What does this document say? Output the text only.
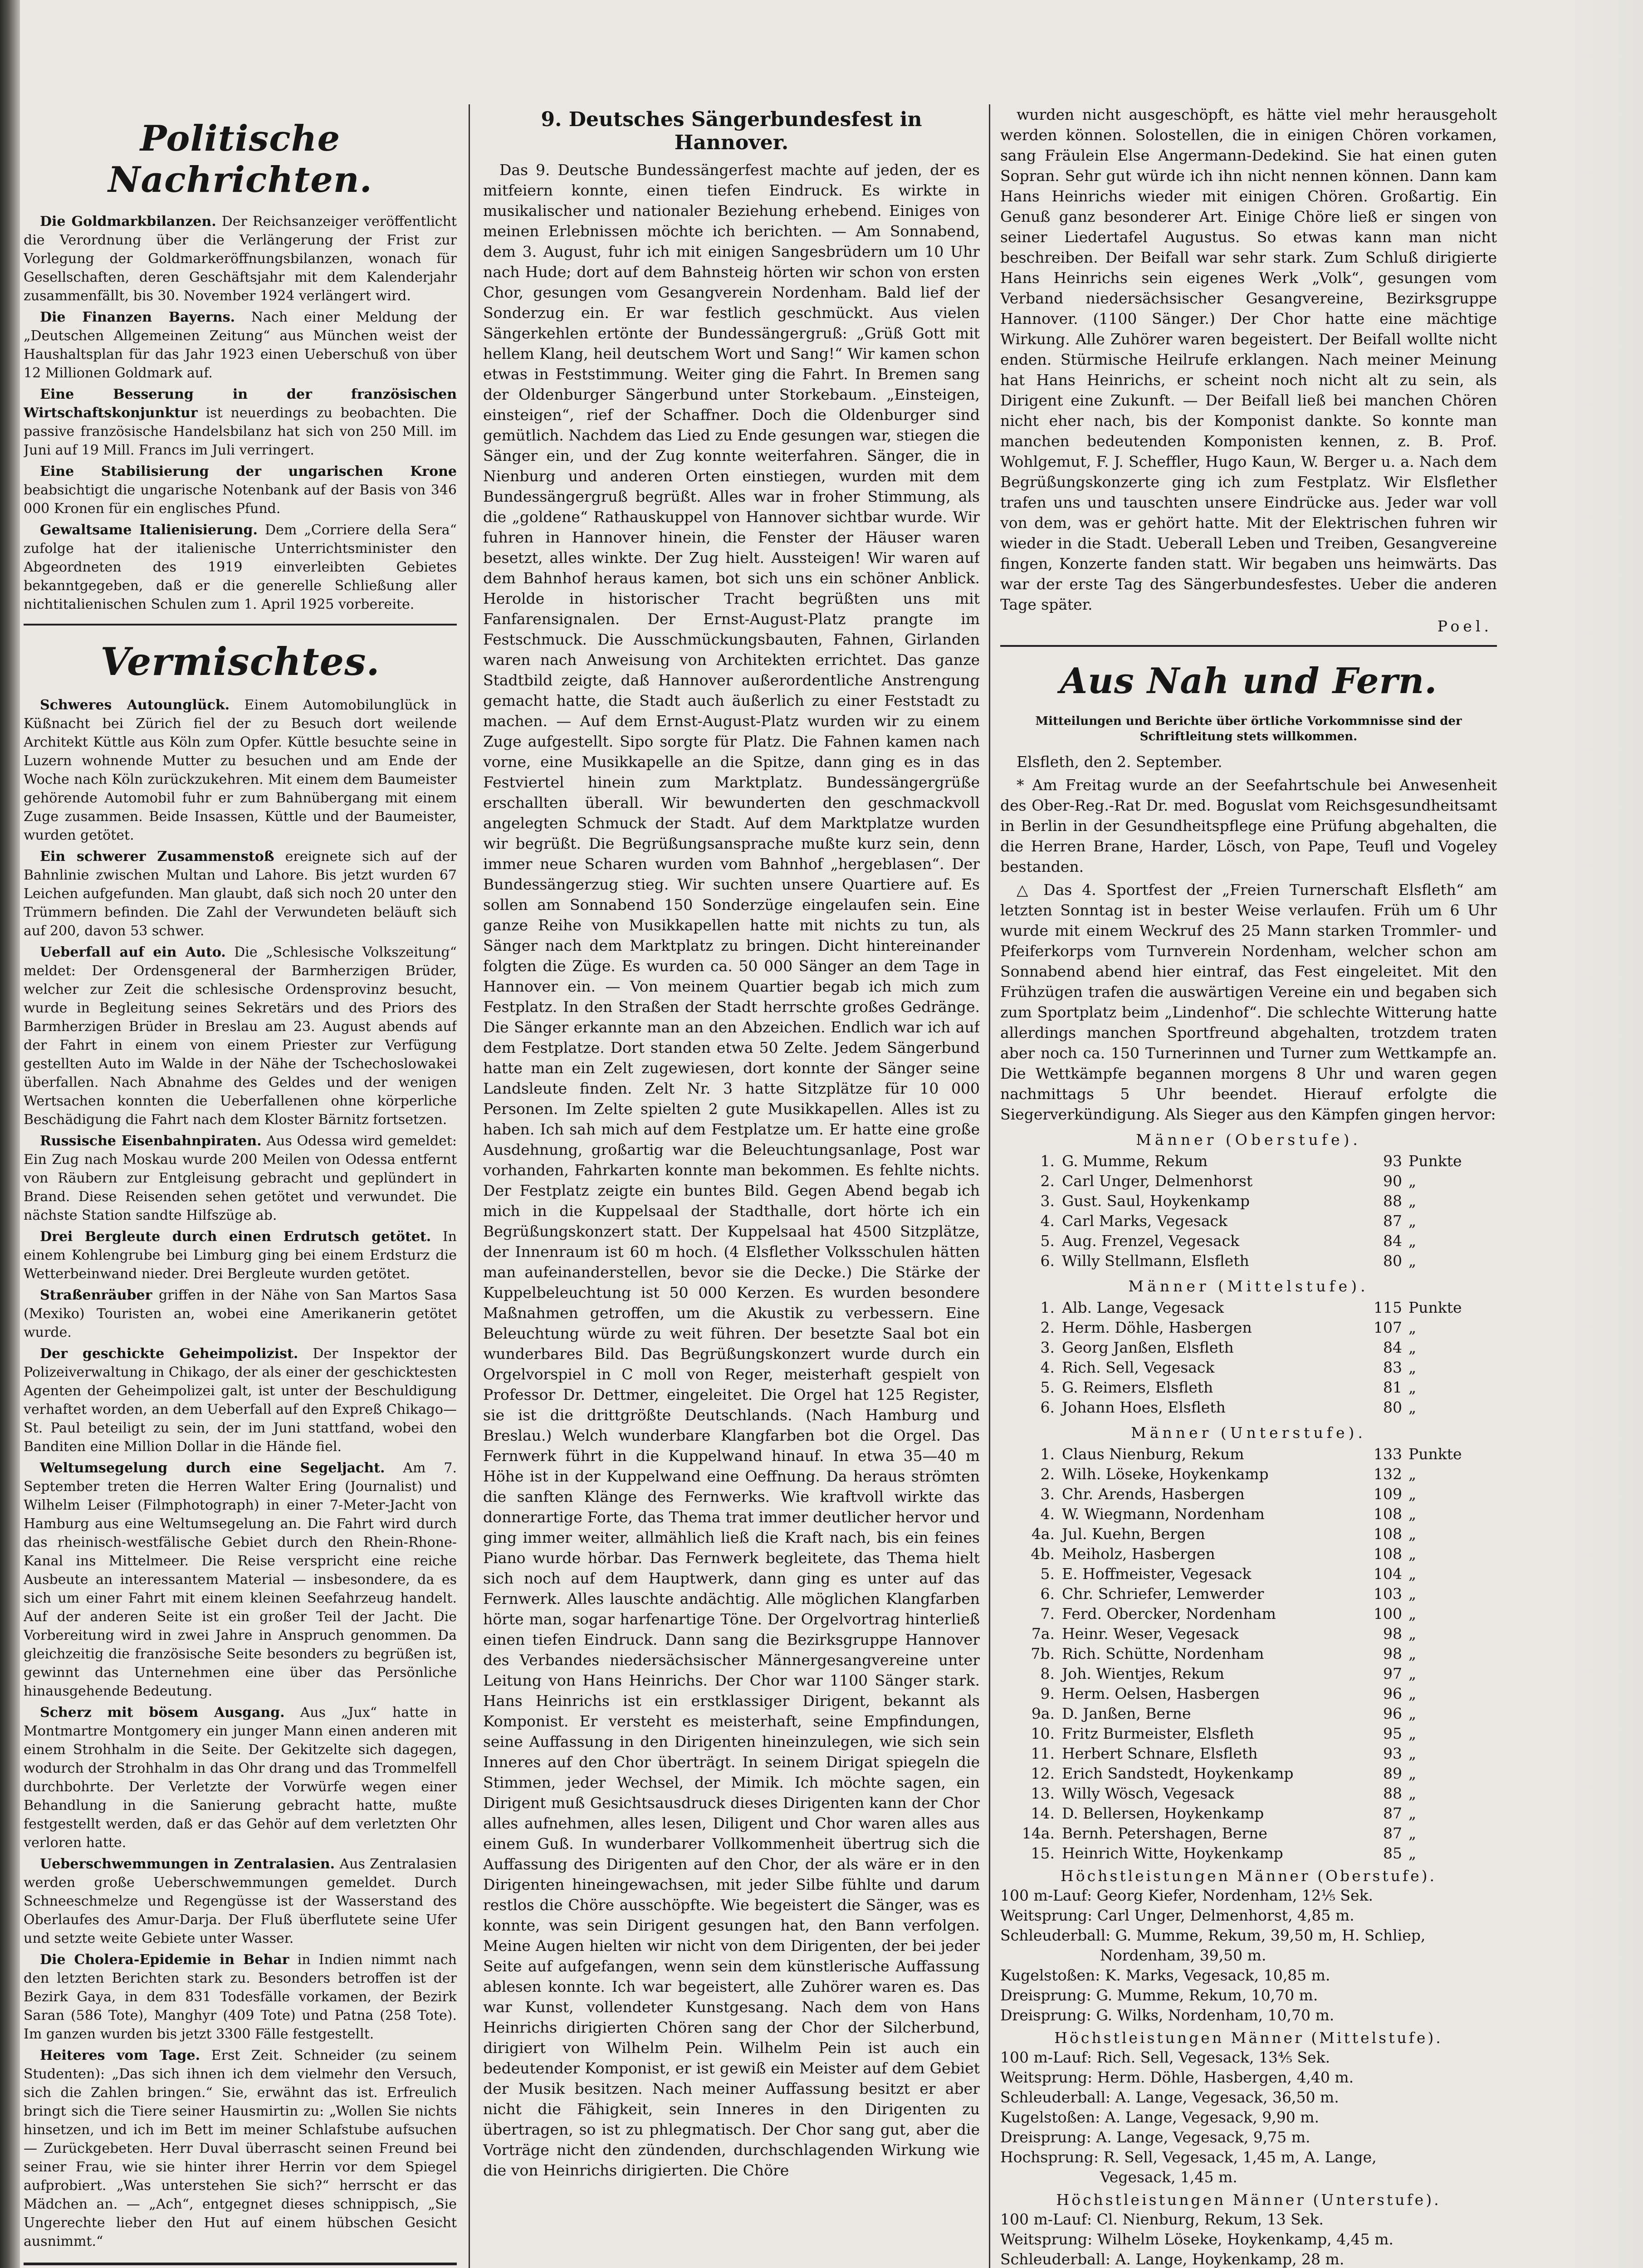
Politische Nachrichten.

Die Goldmarkbilanzen. Der Reichsanzeiger veröffentlicht die Verordnung über die Verlängerung der Frist zur Vorlegung der Goldmarkeröffnungsbilanzen, wonach für Gesellschaften, deren Geschäftsjahr mit dem Kalenderjahr zusammenfällt, bis 30. November 1924 verlängert wird.

Die Finanzen Bayerns. Nach einer Meldung der „Deutschen Allgemeinen Zeitung“ aus München weist der Haushaltsplan für das Jahr 1923 einen Ueberschuß von über 12 Millionen Goldmark auf.

Eine Besserung in der französischen Wirtschaftskonjunktur ist neuerdings zu beobachten. Die passive französische Handelsbilanz hat sich von 250 Mill. im Juni auf 19 Mill. Francs im Juli verringert.

Eine Stabilisierung der ungarischen Krone beabsichtigt die ungarische Notenbank auf der Basis von 346 000 Kronen für ein englisches Pfund.

Gewaltsame Italienisierung. Dem „Corriere della Sera“ zufolge hat der italienische Unterrichtsminister den Abgeordneten des 1919 einverleibten Gebietes bekanntgegeben, daß er die generelle Schließung aller nichtitalienischen Schulen zum 1. April 1925 vorbereite.

Vermischtes.

Schweres Autounglück. Einem Automobilunglück in Küßnacht bei Zürich fiel der zu Besuch dort weilende Architekt Küttle aus Köln zum Opfer. Küttle besuchte seine in Luzern wohnende Mutter zu besuchen und am Ende der Woche nach Köln zurückzukehren. Mit einem dem Baumeister gehörende Automobil fuhr er zum Bahnübergang mit einem Zuge zusammen. Beide Insassen, Küttle und der Baumeister, wurden getötet.

Ein schwerer Zusammenstoß ereignete sich auf der Bahnlinie zwischen Multan und Lahore. Bis jetzt wurden 67 Leichen aufgefunden. Man glaubt, daß sich noch 20 unter den Trümmern befinden. Die Zahl der Verwundeten beläuft sich auf 200, davon 53 schwer.

Ueberfall auf ein Auto. Die „Schlesische Volkszeitung“ meldet: Der Ordensgeneral der Barmherzigen Brüder, welcher zur Zeit die schlesische Ordensprovinz besucht, wurde in Begleitung seines Sekretärs und des Priors des Barmherzigen Brüder in Breslau am 23. August abends auf der Fahrt in einem von einem Priester zur Verfügung gestellten Auto im Walde in der Nähe der Tschechoslowakei überfallen. Nach Abnahme des Geldes und der wenigen Wertsachen konnten die Ueberfallenen ohne körperliche Beschädigung die Fahrt nach dem Kloster Bärnitz fortsetzen.

Russische Eisenbahnpiraten. Aus Odessa wird gemeldet: Ein Zug nach Moskau wurde 200 Meilen von Odessa entfernt von Räubern zur Entgleisung gebracht und geplündert in Brand. Diese Reisenden sehen getötet und verwundet. Die nächste Station sandte Hilfszüge ab.

Drei Bergleute durch einen Erdrutsch getötet. In einem Kohlengrube bei Limburg ging bei einem Erdsturz die Wetterbeinwand nieder. Drei Bergleute wurden getötet.

Straßenräuber griffen in der Nähe von San Martos Sasa (Mexiko) Touristen an, wobei eine Amerikanerin getötet wurde.

Der geschickte Geheimpolizist. Der Inspektor der Polizeiverwaltung in Chikago, der als einer der geschicktesten Agenten der Geheimpolizei galt, ist unter der Beschuldigung verhaftet worden, an dem Ueberfall auf den Expreß Chikago—St. Paul beteiligt zu sein, der im Juni stattfand, wobei den Banditen eine Million Dollar in die Hände fiel.

Weltumsegelung durch eine Segeljacht. Am 7. September treten die Herren Walter Ering (Journalist) und Wilhelm Leiser (Filmphotograph) in einer 7-Meter-Jacht von Hamburg aus eine Weltumsegelung an. Die Fahrt wird durch das rheinisch-westfälische Gebiet durch den Rhein-Rhone-Kanal ins Mittelmeer. Die Reise verspricht eine reiche Ausbeute an interessantem Material — insbesondere, da es sich um einer Fahrt mit einem kleinen Seefahrzeug handelt. Auf der anderen Seite ist ein großer Teil der Jacht. Die Vorbereitung wird in zwei Jahre in Anspruch genommen. Da gleichzeitig die französische Seite besonders zu begrüßen ist, gewinnt das Unternehmen eine über das Persönliche hinausgehende Bedeutung.

Scherz mit bösem Ausgang. Aus „Jux“ hatte in Montmartre Montgomery ein junger Mann einen anderen mit einem Strohhalm in die Seite. Der Gekitzelte sich dagegen, wodurch der Strohhalm in das Ohr drang und das Trommelfell durchbohrte. Der Verletzte der Vorwürfe wegen einer Behandlung in die Sanierung gebracht hatte, mußte festgestellt werden, daß er das Gehör auf dem verletzten Ohr verloren hatte.

Ueberschwemmungen in Zentralasien. Aus Zentralasien werden große Ueberschwemmungen gemeldet. Durch Schneeschmelze und Regengüsse ist der Wasserstand des Oberlaufes des Amur-Darja. Der Fluß überflutete seine Ufer und setzte weite Gebiete unter Wasser.

Die Cholera-Epidemie in Behar in Indien nimmt nach den letzten Berichten stark zu. Besonders betroffen ist der Bezirk Gaya, in dem 831 Todesfälle vorkamen, der Bezirk Saran (586 Tote), Manghyr (409 Tote) und Patna (258 Tote). Im ganzen wurden bis jetzt 3300 Fälle festgestellt.

Heiteres vom Tage. Erst Zeit. Schneider (zu seinem Studenten): „Das sich ihnen ich dem vielmehr den Versuch, sich die Zahlen bringen.“ Sie, erwähnt das ist. Erfreulich bringt sich die Tiere seiner Hausmirtin zu: „Wollen Sie nichts hinsetzen, und ich im Bett im meiner Schlafstube aufsuchen — Zurückgebeten. Herr Duval überrascht seinen Freund bei seiner Frau, wie sie hinter ihrer Herrin vor dem Spiegel aufprobiert. „Was unterstehen Sie sich?“ herrscht er das Mädchen an. — „Ach“, entgegnet dieses schnippisch, „Sie Ungerechte lieber den Hut auf einem hübschen Gesicht ausnimmt.“

9. Deutsches Sängerbundesfest in Hannover.

Das 9. Deutsche Bundessängerfest machte auf jeden, der es mitfeiern konnte, einen tiefen Eindruck. Es wirkte in musikalischer und nationaler Beziehung erhebend. Einiges von meinen Erlebnissen möchte ich berichten. — Am Sonnabend, dem 3. August, fuhr ich mit einigen Sangesbrüdern um 10 Uhr nach Hude; dort auf dem Bahnsteig hörten wir schon von ersten Chor, gesungen vom Gesangverein Nordenham. Bald lief der Sonderzug ein. Er war festlich geschmückt. Aus vielen Sängerkehlen ertönte der Bundessängergruß: „Grüß Gott mit hellem Klang, heil deutschem Wort und Sang!“ Wir kamen schon etwas in Feststimmung. Weiter ging die Fahrt. In Bremen sang der Oldenburger Sängerbund unter Storkebaum. „Einsteigen, einsteigen“, rief der Schaffner. Doch die Oldenburger sind gemütlich. Nachdem das Lied zu Ende gesungen war, stiegen die Sänger ein, und der Zug konnte weiterfahren. Sänger, die in Nienburg und anderen Orten einstiegen, wurden mit dem Bundessängergruß begrüßt. Alles war in froher Stimmung, als die „goldene“ Rathauskuppel von Hannover sichtbar wurde. Wir fuhren in Hannover hinein, die Fenster der Häuser waren besetzt, alles winkte. Der Zug hielt. Aussteigen! Wir waren auf dem Bahnhof heraus kamen, bot sich uns ein schöner Anblick. Herolde in historischer Tracht begrüßten uns mit Fanfarensignalen. Der Ernst-August-Platz prangte im Festschmuck. Die Ausschmückungsbauten, Fahnen, Girlanden waren nach Anweisung von Architekten errichtet. Das ganze Stadtbild zeigte, daß Hannover außerordentliche Anstrengung gemacht hatte, die Stadt auch äußerlich zu einer Feststadt zu machen. — Auf dem Ernst-August-Platz wurden wir zu einem Zuge aufgestellt. Sipo sorgte für Platz. Die Fahnen kamen nach vorne, eine Musikkapelle an die Spitze, dann ging es in das Festviertel hinein zum Marktplatz. Bundessängergrüße erschallten überall. Wir bewunderten den geschmackvoll angelegten Schmuck der Stadt. Auf dem Marktplatze wurden wir begrüßt. Die Begrüßungsansprache mußte kurz sein, denn immer neue Scharen wurden vom Bahnhof „hergeblasen“. Der Bundessängerzug stieg. Wir suchten unsere Quartiere auf. Es sollen am Sonnabend 150 Sonderzüge eingelaufen sein. Eine ganze Reihe von Musikkapellen hatte mit nichts zu tun, als Sänger nach dem Marktplatz zu bringen. Dicht hintereinander folgten die Züge. Es wurden ca. 50 000 Sänger an dem Tage in Hannover ein. — Von meinem Quartier begab ich mich zum Festplatz. In den Straßen der Stadt herrschte großes Gedränge. Die Sänger erkannte man an den Abzeichen. Endlich war ich auf dem Festplatze. Dort standen etwa 50 Zelte. Jedem Sängerbund hatte man ein Zelt zugewiesen, dort konnte der Sänger seine Landsleute finden. Zelt Nr. 3 hatte Sitzplätze für 10 000 Personen. Im Zelte spielten 2 gute Musikkapellen. Alles ist zu haben. Ich sah mich auf dem Festplatze um. Er hatte eine große Ausdehnung, großartig war die Beleuchtungsanlage, Post war vorhanden, Fahrkarten konnte man bekommen. Es fehlte nichts. Der Festplatz zeigte ein buntes Bild. Gegen Abend begab ich mich in die Kuppelsaal der Stadthalle, dort hörte ich ein Begrüßungskonzert statt. Der Kuppelsaal hat 4500 Sitzplätze, der Innenraum ist 60 m hoch. (4 Elsflether Volksschulen hätten man aufeinanderstellen, bevor sie die Decke.) Die Stärke der Kuppelbeleuchtung ist 50 000 Kerzen. Es wurden besondere Maßnahmen getroffen, um die Akustik zu verbessern. Eine Beleuchtung würde zu weit führen. Der besetzte Saal bot ein wunderbares Bild. Das Begrüßungskonzert wurde durch ein Orgelvorspiel in C moll von Reger, meisterhaft gespielt von Professor Dr. Dettmer, eingeleitet. Die Orgel hat 125 Register, sie ist die drittgrößte Deutschlands. (Nach Hamburg und Breslau.) Welch wunderbare Klangfarben bot die Orgel. Das Fernwerk führt in die Kuppelwand hinauf. In etwa 35—40 m Höhe ist in der Kuppelwand eine Oeffnung. Da heraus strömten die sanften Klänge des Fernwerks. Wie kraftvoll wirkte das donnerartige Forte, das Thema trat immer deutlicher hervor und ging immer weiter, allmählich ließ die Kraft nach, bis ein feines Piano wurde hörbar. Das Fernwerk begleitete, das Thema hielt sich noch auf dem Hauptwerk, dann ging es unter auf das Fernwerk. Alles lauschte andächtig. Alle möglichen Klangfarben hörte man, sogar harfenartige Töne. Der Orgelvortrag hinterließ einen tiefen Eindruck. Dann sang die Bezirksgruppe Hannover des Verbandes niedersächsischer Männergesangvereine unter Leitung von Hans Heinrichs. Der Chor war 1100 Sänger stark. Hans Heinrichs ist ein erstklassiger Dirigent, bekannt als Komponist. Er versteht es meisterhaft, seine Empfindungen, seine Auffassung in den Dirigenten hineinzulegen, wie sich sein Inneres auf den Chor überträgt. In seinem Dirigat spiegeln die Stimmen, jeder Wechsel, der Mimik. Ich möchte sagen, ein Dirigent muß Gesichtsausdruck dieses Dirigenten kann der Chor alles aufnehmen, alles lesen, Diligent und Chor waren alles aus einem Guß. In wunderbarer Vollkommenheit übertrug sich die Auffassung des Dirigenten auf den Chor, der als wäre er in den Dirigenten hineingewachsen, mit jeder Silbe fühlte und darum restlos die Chöre ausschöpfte. Wie begeistert die Sänger, was es konnte, was sein Dirigent gesungen hat, den Bann verfolgen. Meine Augen hielten wir nicht von dem Dirigenten, der bei jeder Seite auf aufgefangen, wenn sein dem künstlerische Auffassung ablesen konnte. Ich war begeistert, alle Zuhörer waren es. Das war Kunst, vollendeter Kunstgesang. Nach dem von Hans Heinrichs dirigierten Chören sang der Chor der Silcherbund, dirigiert von Wilhelm Pein. Wilhelm Pein ist auch ein bedeutender Komponist, er ist gewiß ein Meister auf dem Gebiet der Musik besitzen. Nach meiner Auffassung besitzt er aber nicht die Fähigkeit, sein Inneres in den Dirigenten zu übertragen, so ist zu phlegmatisch. Der Chor sang gut, aber die Vorträge nicht den zündenden, durchschlagenden Wirkung wie die von Heinrichs dirigierten. Die Chöre

wurden nicht ausgeschöpft, es hätte viel mehr herausgeholt werden können. Solostellen, die in einigen Chören vorkamen, sang Fräulein Else Angermann-Dedekind. Sie hat einen guten Sopran. Sehr gut würde ich ihn nicht nennen können. Dann kam Hans Heinrichs wieder mit einigen Chören. Großartig. Ein Genuß ganz besonderer Art. Einige Chöre ließ er singen von seiner Liedertafel Augustus. So etwas kann man nicht beschreiben. Der Beifall war sehr stark. Zum Schluß dirigierte Hans Heinrichs sein eigenes Werk „Volk“, gesungen vom Verband niedersächsischer Gesangvereine, Bezirksgruppe Hannover. (1100 Sänger.) Der Chor hatte eine mächtige Wirkung. Alle Zuhörer waren begeistert. Der Beifall wollte nicht enden. Stürmische Heilrufe erklangen. Nach meiner Meinung hat Hans Heinrichs, er scheint noch nicht alt zu sein, als Dirigent eine Zukunft. — Der Beifall ließ bei manchen Chören nicht eher nach, bis der Komponist dankte. So konnte man manchen bedeutenden Komponisten kennen, z. B. Prof. Wohlgemut, F. J. Scheffler, Hugo Kaun, W. Berger u. a. Nach dem Begrüßungskonzerte ging ich zum Festplatz. Wir Elsflether trafen uns und tauschten unsere Eindrücke aus. Jeder war voll von dem, was er gehört hatte. Mit der Elektrischen fuhren wir wieder in die Stadt. Ueberall Leben und Treiben, Gesangvereine fingen, Konzerte fanden statt. Wir begaben uns heimwärts. Das war der erste Tag des Sängerbundesfestes. Ueber die anderen Tage später.

Poel.
Aus Nah und Fern.
Mitteilungen und Berichte über örtliche Vorkommnisse sind der Schriftleitung stets willkommen.

Elsfleth, den 2. September.

* Am Freitag wurde an der Seefahrtschule bei Anwesenheit des Ober-Reg.-Rat Dr. med. Boguslat vom Reichsgesundheitsamt in Berlin in der Gesundheitspflege eine Prüfung abgehalten, die die Herren Brane, Harder, Lösch, von Pape, Teufl und Vogeley bestanden.

△ Das 4. Sportfest der „Freien Turnerschaft Elsfleth“ am letzten Sonntag ist in bester Weise verlaufen. Früh um 6 Uhr wurde mit einem Weckruf des 25 Mann starken Trommler- und Pfeiferkorps vom Turnverein Nordenham, welcher schon am Sonnabend abend hier eintraf, das Fest eingeleitet. Mit den Frühzügen trafen die auswärtigen Vereine ein und begaben sich zum Sportplatz beim „Lindenhof“. Die schlechte Witterung hatte allerdings manchen Sportfreund abgehalten, trotzdem traten aber noch ca. 150 Turnerinnen und Turner zum Wettkampfe an. Die Wettkämpfe begannen morgens 8 Uhr und waren gegen nachmittags 5 Uhr beendet. Hierauf erfolgte die Siegerverkündigung. Als Sieger aus den Kämpfen gingen hervor:

Männer (Oberstufe).
1.	G. Mumme, Rekum	93	Punkte
2.	Carl Unger, Delmenhorst	90	„
3.	Gust. Saul, Hoykenkamp	88	„
4.	Carl Marks, Vegesack	87	„
5.	Aug. Frenzel, Vegesack	84	„
6.	Willy Stellmann, Elsfleth	80	„
Männer (Mittelstufe).
1.	Alb. Lange, Vegesack	115	Punkte
2.	Herm. Döhle, Hasbergen	107	„
3.	Georg Janßen, Elsfleth	84	„
4.	Rich. Sell, Vegesack	83	„
5.	G. Reimers, Elsfleth	81	„
6.	Johann Hoes, Elsfleth	80	„
Männer (Unterstufe).
1.	Claus Nienburg, Rekum	133	Punkte
2.	Wilh. Löseke, Hoykenkamp	132	„
3.	Chr. Arends, Hasbergen	109	„
4.	W. Wiegmann, Nordenham	108	„
4a.	Jul. Kuehn, Bergen	108	„
4b.	Meiholz, Hasbergen	108	„
5.	E. Hoffmeister, Vegesack	104	„
6.	Chr. Schriefer, Lemwerder	103	„
7.	Ferd. Obercker, Nordenham	100	„
7a.	Heinr. Weser, Vegesack	98	„
7b.	Rich. Schütte, Nordenham	98	„
8.	Joh. Wientjes, Rekum	97	„
9.	Herm. Oelsen, Hasbergen	96	„
9a.	D. Janßen, Berne	96	„
10.	Fritz Burmeister, Elsfleth	95	„
11.	Herbert Schnare, Elsfleth	93	„
12.	Erich Sandstedt, Hoykenkamp	89	„
13.	Willy Wösch, Vegesack	88	„
14.	D. Bellersen, Hoykenkamp	87	„
14a.	Bernh. Petershagen, Berne	87	„
15.	Heinrich Witte, Hoykenkamp	85	„
Höchstleistungen Männer (Oberstufe).

100 m-Lauf: Georg Kiefer, Nordenham, 12⅕ Sek.

Weitsprung: Carl Unger, Delmenhorst, 4,85 m.

Schleuderball: G. Mumme, Rekum, 39,50 m, H. Schliep,

Nordenham, 39,50 m.

Kugelstoßen: K. Marks, Vegesack, 10,85 m.

Dreisprung: G. Mumme, Rekum, 10,70 m.

Dreisprung: G. Wilks, Nordenham, 10,70 m.

Höchstleistungen Männer (Mittelstufe).

100 m-Lauf: Rich. Sell, Vegesack, 13⅘ Sek.

Weitsprung: Herm. Döhle, Hasbergen, 4,40 m.

Schleuderball: A. Lange, Vegesack, 36,50 m.

Kugelstoßen: A. Lange, Vegesack, 9,90 m.

Dreisprung: A. Lange, Vegesack, 9,75 m.

Hochsprung: R. Sell, Vegesack, 1,45 m, A. Lange,

Vegesack, 1,45 m.

Höchstleistungen Männer (Unterstufe).

100 m-Lauf: Cl. Nienburg, Rekum, 13 Sek.

Weitsprung: Wilhelm Löseke, Hoykenkamp, 4,45 m.

Schleuderball: A. Lange, Hoykenkamp, 28 m.
